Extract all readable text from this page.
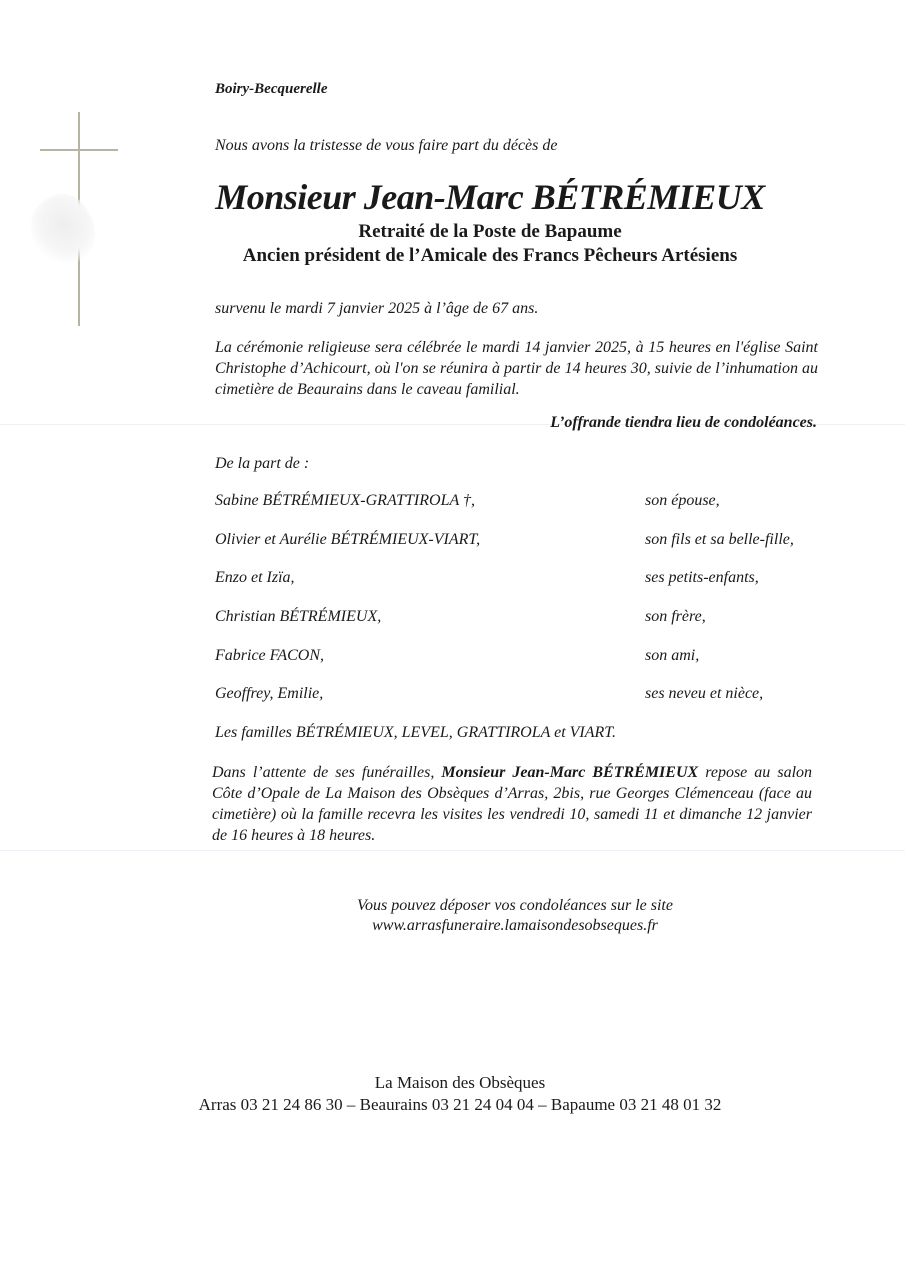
Boiry-Becquerelle
Nous avons la tristesse de vous faire part du décès de
Monsieur Jean-Marc BÉTRÉMIEUX
Retraité de la Poste de Bapaume
Ancien président de l’Amicale des Francs Pêcheurs Artésiens
survenu le mardi 7 janvier 2025 à l’âge de 67 ans.
La cérémonie religieuse sera célébrée le mardi 14 janvier 2025, à 15 heures en l'église Saint Christophe d’Achicourt, où l'on se réunira à partir de 14 heures 30, suivie de l’inhumation au cimetière de Beaurains dans le caveau familial.
L’offrande tiendra lieu de condoléances.
De la part de :
Sabine BÉTRÉMIEUX-GRATTIROLA †,	son épouse,
Olivier et Aurélie BÉTRÉMIEUX-VIART,	son fils et sa belle-fille,
Enzo et Izïa,	ses petits-enfants,
Christian BÉTRÉMIEUX,	son frère,
Fabrice FACON,	son ami,
Geoffrey, Emilie,	ses neveu et nièce,
Les familles BÉTRÉMIEUX, LEVEL, GRATTIROLA et VIART.
Dans l’attente de ses funérailles, Monsieur Jean-Marc BÉTRÉMIEUX repose au salon Côte d’Opale de La Maison des Obsèques d’Arras, 2bis, rue Georges Clémenceau (face au cimetière) où la famille recevra les visites les vendredi 10, samedi 11 et dimanche 12 janvier de 16 heures à 18 heures.
Vous pouvez déposer vos condoléances sur le site
www.arrasfuneraire.lamaisondesobseques.fr
La Maison des Obsèques
Arras 03 21 24 86 30 – Beaurains 03 21 24 04 04 – Bapaume 03 21 48 01 32
